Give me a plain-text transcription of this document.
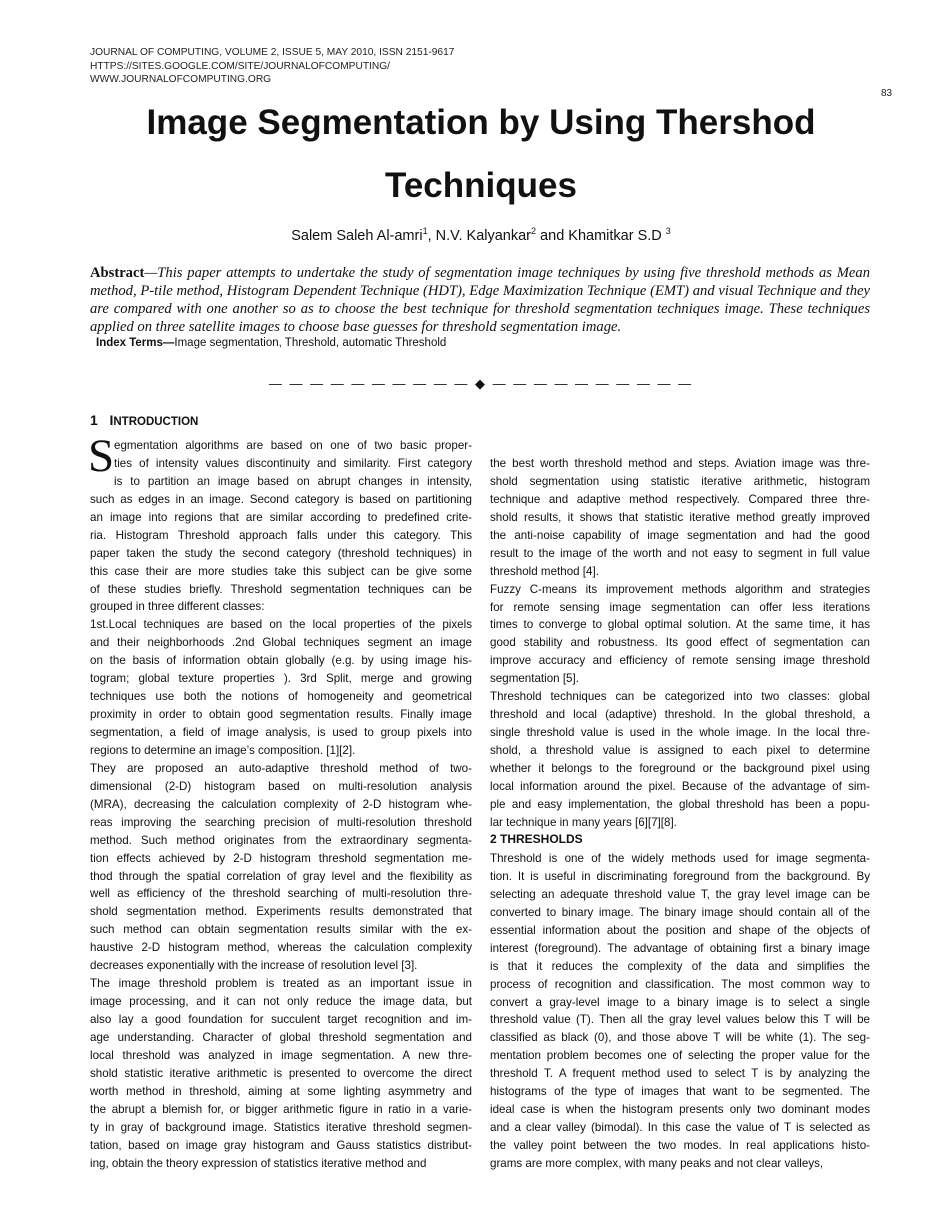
JOURNAL OF COMPUTING, VOLUME 2, ISSUE 5, MAY 2010, ISSN 2151-9617
HTTPS://SITES.GOOGLE.COM/SITE/JOURNALOFCOMPUTING/
WWW.JOURNALOFCOMPUTING.ORG
83
Image Segmentation by Using Thershod
Techniques
Salem Saleh Al-amri$^1$, N.V. Kalyankar$^2$ and Khamitkar S.D $^3$
Abstract—This paper attempts to undertake the study of segmentation image techniques by using five threshold methods as Mean method, P-tile method, Histogram Dependent Technique (HDT), Edge Maximization Technique (EMT) and visual Technique and they are compared with one another so as to choose the best technique for threshold segmentation techniques image. These techniques applied on three satellite images to choose base guesses for threshold segmentation image.
Index Terms—Image segmentation, Threshold, automatic Threshold
— — — — — — — — — — ◆ — — — — — — — — — —
1 INTRODUCTION
S egmentation algorithms are based on one of two basic proper-
ties of intensity values discontinuity and similarity. First category
is to partition an image based on abrupt changes in intensity,
such as edges in an image. Second category is based on partitioning
an image into regions that are similar according to predefined crite-
ria. Histogram Threshold approach falls under this category. This
paper taken the study the second category (threshold techniques) in
this case their are more studies take this subject can be give some
of these studies briefly. Threshold segmentation techniques can be
grouped in three different classes:
1st.Local techniques are based on the local properties of the pixels
and their neighborhoods .2nd Global techniques segment an image
on the basis of information obtain globally (e.g. by using image his-
togram; global texture properties ). 3rd Split, merge and growing
techniques use both the notions of homogeneity and geometrical
proximity in order to obtain good segmentation results. Finally image
segmentation, a field of image analysis, is used to group pixels into
regions to determine an image’s composition. [1][2].
They are proposed an auto-adaptive threshold method of two-
dimensional (2-D) histogram based on multi-resolution analysis
(MRA), decreasing the calculation complexity of 2-D histogram whe-
reas improving the searching precision of multi-resolution threshold
method. Such method originates from the extraordinary segmenta-
tion effects achieved by 2-D histogram threshold segmentation me-
thod through the spatial correlation of gray level and the flexibility as
well as efficiency of the threshold searching of multi-resolution thre-
shold segmentation method. Experiments results demonstrated that
such method can obtain segmentation results similar with the ex-
haustive 2-D histogram method, whereas the calculation complexity
decreases exponentially with the increase of resolution level [3].
The image threshold problem is treated as an important issue in
image processing, and it can not only reduce the image data, but
also lay a good foundation for succulent target recognition and im-
age understanding. Character of global threshold segmentation and
local threshold was analyzed in image segmentation. A new thre-
shold statistic iterative arithmetic is presented to overcome the direct
worth method in threshold, aiming at some lighting asymmetry and
the abrupt a blemish for, or bigger arithmetic figure in ratio in a varie-
ty in gray of background image. Statistics iterative threshold segmen-
tation, based on image gray histogram and Gauss statistics distribut-
ing, obtain the theory expression of statistics iterative method and
the best worth threshold method and steps. Aviation image was thre-
shold segmentation using statistic iterative arithmetic, histogram
technique and adaptive method respectively. Compared three thre-
shold results, it shows that statistic iterative method greatly improved
the anti-noise capability of image segmentation and had the good
result to the image of the worth and not easy to segment in full value
threshold method [4].
Fuzzy C-means its improvement methods algorithm and strategies
for remote sensing image segmentation can offer less iterations
times to converge to global optimal solution. At the same time, it has
good stability and robustness. Its good effect of segmentation can
improve accuracy and efficiency of remote sensing image threshold
segmentation [5].
Threshold techniques can be categorized into two classes: global
threshold and local (adaptive) threshold. In the global threshold, a
single threshold value is used in the whole image. In the local thre-
shold, a threshold value is assigned to each pixel to determine
whether it belongs to the foreground or the background pixel using
local information around the pixel. Because of the advantage of sim-
ple and easy implementation, the global threshold has been a popu-
lar technique in many years [6][7][8].
2 THRESHOLDS
Threshold is one of the widely methods used for image segmenta-
tion. It is useful in discriminating foreground from the background. By
selecting an adequate threshold value T, the gray level image can be
converted to binary image. The binary image should contain all of the
essential information about the position and shape of the objects of
interest (foreground). The advantage of obtaining first a binary image
is that it reduces the complexity of the data and simplifies the
process of recognition and classification. The most common way to
convert a gray-level image to a binary image is to select a single
threshold value (T). Then all the gray level values below this T will be
classified as black (0), and those above T will be white (1). The seg-
mentation problem becomes one of selecting the proper value for the
threshold T. A frequent method used to select T is by analyzing the
histograms of the type of images that want to be segmented. The
ideal case is when the histogram presents only two dominant modes
and a clear valley (bimodal). In this case the value of T is selected as
the valley point between the two modes. In real applications histo-
grams are more complex, with many peaks and not clear valleys,
